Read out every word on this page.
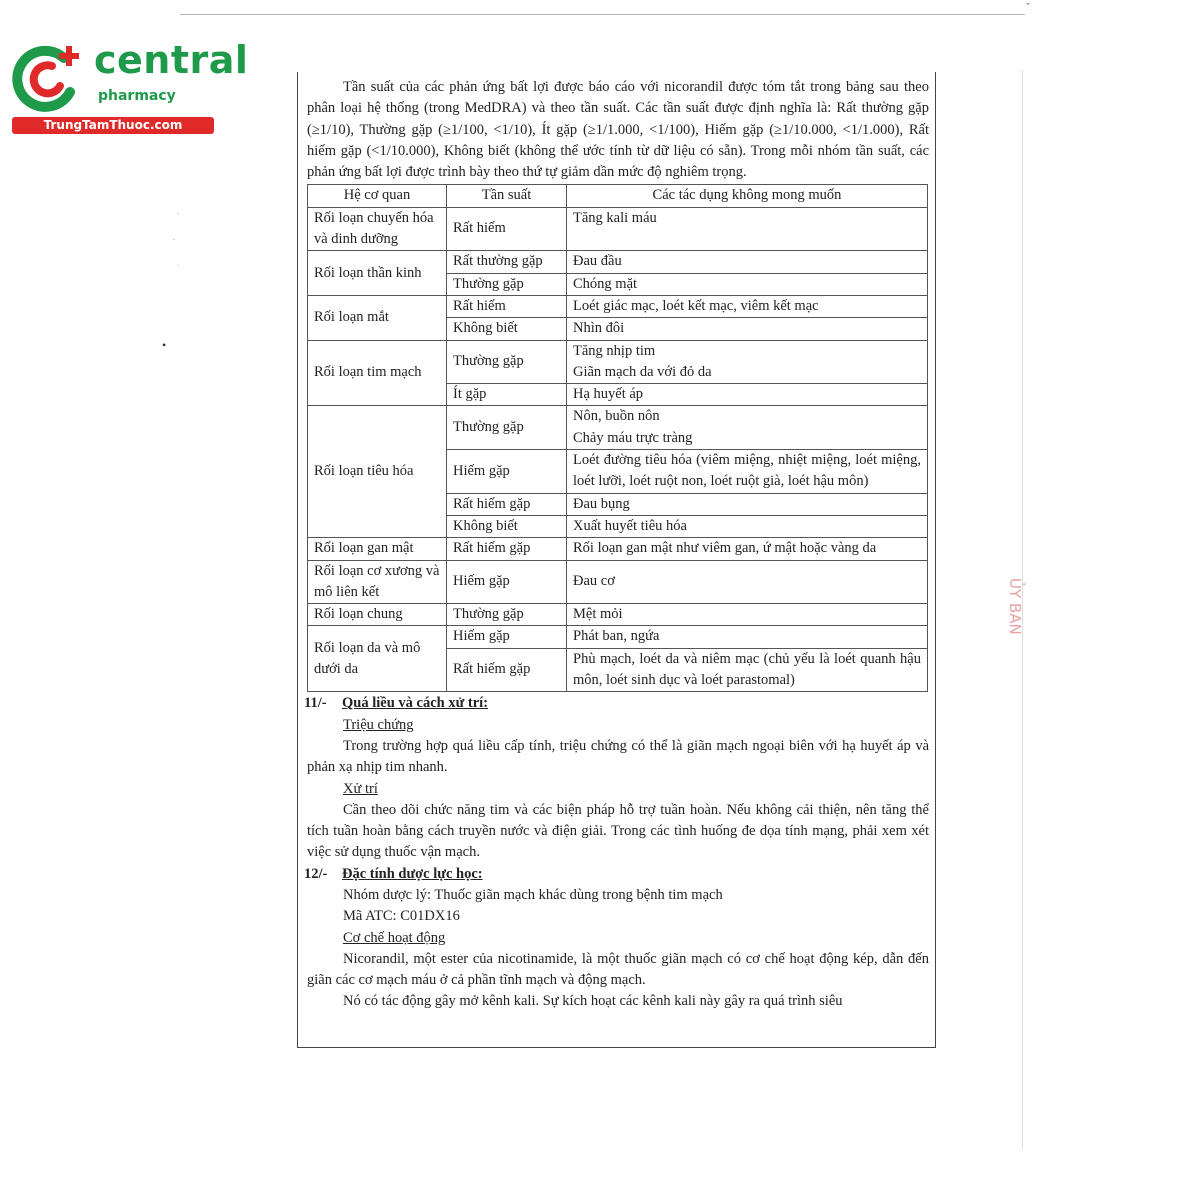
ˇ
·
·
·
•
ỦY BAN
central
pharmacy
TrungTamThuoc.com
Tần suất của các phản ứng bất lợi được báo cáo với nicorandil được tóm tắt trong bảng sau theo phân loại hệ thống (trong MedDRA) và theo tần suất. Các tần suất được định nghĩa là: Rất thường gặp (≥1/10), Thường gặp (≥1/100, <1/10), Ít gặp (≥1/1.000, <1/100), Hiếm gặp (≥1/10.000, <1/1.000), Rất hiếm gặp (<1/10.000), Không biết (không thể ước tính từ dữ liệu có sẵn). Trong mỗi nhóm tần suất, các phản ứng bất lợi được trình bày theo thứ tự giảm dần mức độ nghiêm trọng.
Hệ cơ quan	Tần suất	Các tác dụng không mong muốn
Rối loạn chuyển hóa và dinh dưỡng	Rất hiếm	Tăng kali máu
Rối loạn thần kinh	Rất thường gặp	Đau đầu
	Thường gặp	Chóng mặt
Rối loạn mắt	Rất hiếm	Loét giác mạc, loét kết mạc, viêm kết mạc
	Không biết	Nhìn đôi
Rối loạn tim mạch	Thường gặp	Tăng nhịp tim
Giãn mạch da với đỏ da
	Ít gặp	Hạ huyết áp
Rối loạn tiêu hóa	Thường gặp	Nôn, buồn nôn
Chảy máu trực tràng
	Hiếm gặp	Loét đường tiêu hóa (viêm miệng, nhiệt miệng, loét miệng, loét lưỡi, loét ruột non, loét ruột già, loét hậu môn)
	Rất hiếm gặp	Đau bụng
	Không biết	Xuất huyết tiêu hóa
Rối loạn gan mật	Rất hiếm gặp	Rối loạn gan mật như viêm gan, ứ mật hoặc vàng da
Rối loạn cơ xương và mô liên kết	Hiếm gặp	Đau cơ
Rối loạn chung	Thường gặp	Mệt mỏi
Rối loạn da và mô dưới da	Hiếm gặp	Phát ban, ngứa
	Rất hiếm gặp	Phù mạch, loét da và niêm mạc (chủ yếu là loét quanh hậu môn, loét sinh dục và loét parastomal)
11/-	Quá liều và cách xử trí:
Triệu chứng
Trong trường hợp quá liều cấp tính, triệu chứng có thể là giãn mạch ngoại biên với hạ huyết áp và phản xạ nhịp tim nhanh.
Xử trí
Cần theo dõi chức năng tim và các biện pháp hỗ trợ tuần hoàn. Nếu không cải thiện, nên tăng thể tích tuần hoàn bằng cách truyền nước và điện giải. Trong các tình huống đe dọa tính mạng, phải xem xét việc sử dụng thuốc vận mạch.
12/-	Đặc tính dược lực học:
Nhóm dược lý: Thuốc giãn mạch khác dùng trong bệnh tim mạch
Mã ATC: C01DX16
Cơ chế hoạt động
Nicorandil, một ester của nicotinamide, là một thuốc giãn mạch có cơ chế hoạt động kép, dẫn đến giãn các cơ mạch máu ở cả phần tĩnh mạch và động mạch.
Nó có tác động gây mở kênh kali. Sự kích hoạt các kênh kali này gây ra quá trình siêu
